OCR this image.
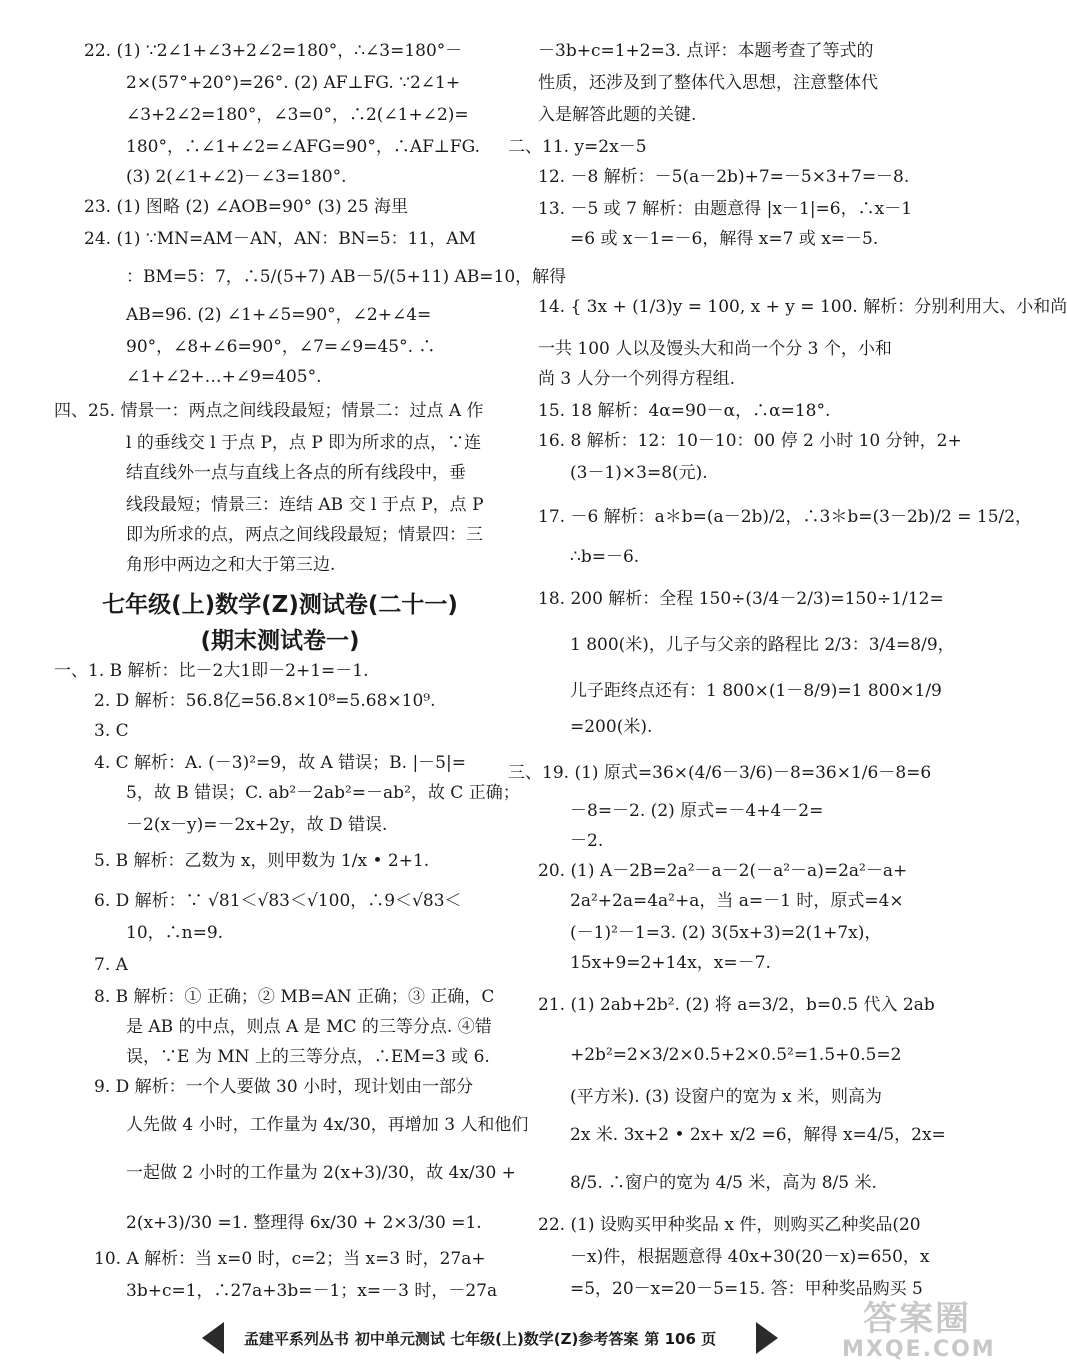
22. (1) ∵2∠1+∠3+2∠2=180°，∴∠3=180°－
2×(57°+20°)=26°. (2) AF⊥FG. ∵2∠1+
∠3+2∠2=180°，∠3=0°，∴2(∠1+∠2)=
180°，∴∠1+∠2=∠AFG=90°，∴AF⊥FG.
(3) 2(∠1+∠2)－∠3=180°.
23. (1) 图略 (2) ∠AOB=90° (3) 25 海里
24. (1) ∵MN=AM－AN，AN：BN=5：11，AM
：BM=5：7，∴5/(5+7) AB－5/(5+11) AB=10，解得
AB=96. (2) ∠1+∠5=90°，∠2+∠4=
90°，∠8+∠6=90°，∠7=∠9=45°. ∴
∠1+∠2+…+∠9=405°.
四、25. 情景一：两点之间线段最短；情景二：过点 A 作
l 的垂线交 l 于点 P，点 P 即为所求的点，∵连
结直线外一点与直线上各点的所有线段中，垂
线段最短；情景三：连结 AB 交 l 于点 P，点 P
即为所求的点，两点之间线段最短；情景四：三
角形中两边之和大于第三边.
七年级(上)数学(Z)测试卷(二十一)
(期末测试卷一)
一、1. B 解析：比－2大1即－2+1=－1.
2. D 解析：56.8亿=56.8×10⁸=5.68×10⁹.
3. C
4. C 解析：A. (－3)²=9，故 A 错误；B. |－5|=
5，故 B 错误；C. ab²－2ab²=－ab²，故 C 正确；
－2(x－y)=－2x+2y，故 D 错误.
5. B 解析：乙数为 x，则甲数为 1/x • 2+1.
6. D 解析：∵ √81＜√83＜√100，∴9＜√83＜
10，∴n=9.
7. A
8. B 解析：① 正确；② MB=AN 正确；③ 正确，C
是 AB 的中点，则点 A 是 MC 的三等分点. ④错
误，∵E 为 MN 上的三等分点，∴EM=3 或 6.
9. D 解析：一个人要做 30 小时，现计划由一部分
人先做 4 小时，工作量为 4x/30，再增加 3 人和他们
一起做 2 小时的工作量为 2(x+3)/30，故 4x/30 +
2(x+3)/30 =1. 整理得 6x/30 + 2×3/30 =1.
10. A 解析：当 x=0 时，c=2；当 x=3 时，27a+
3b+c=1，∴27a+3b=－1；x=－3 时，－27a
－3b+c=1+2=3. 点评：本题考查了等式的
性质，还涉及到了整体代入思想，注意整体代
入是解答此题的关键.
二、11. y=2x－5
12. －8 解析：－5(a－2b)+7=－5×3+7=－8.
13. －5 或 7 解析：由题意得 |x－1|=6，∴x－1
=6 或 x－1=－6，解得 x=7 或 x=－5.
14. { 3x + (1/3)y = 100, x + y = 100. 解析：分别利用大、小和尚
一共 100 人以及馒头大和尚一个分 3 个，小和
尚 3 人分一个列得方程组.
15. 18 解析：4α=90－α，∴α=18°.
16. 8 解析：12：10－10：00 停 2 小时 10 分钟，2+
(3－1)×3=8(元).
17. －6 解析：a＊b=(a－2b)/2，∴3＊b=(3－2b)/2 = 15/2，
∴b=－6.
18. 200 解析：全程 150÷(3/4－2/3)=150÷1/12=
1 800(米)，儿子与父亲的路程比 2/3：3/4=8/9，
儿子距终点还有：1 800×(1－8/9)=1 800×1/9
=200(米).
三、19. (1) 原式=36×(4/6－3/6)－8=36×1/6－8=6
－8=－2. (2) 原式=－4+4－2=
－2.
20. (1) A－2B=2a²－a－2(－a²－a)=2a²－a+
2a²+2a=4a²+a，当 a=－1 时，原式=4×
(－1)²－1=3. (2) 3(5x+3)=2(1+7x)，
15x+9=2+14x，x=－7.
21. (1) 2ab+2b². (2) 将 a=3/2，b=0.5 代入 2ab
+2b²=2×3/2×0.5+2×0.5²=1.5+0.5=2
(平方米). (3) 设窗户的宽为 x 米，则高为
2x 米. 3x+2 • 2x+ x/2 =6，解得 x=4/5，2x=
8/5. ∴窗户的宽为 4/5 米，高为 8/5 米.
22. (1) 设购买甲种奖品 x 件，则购买乙种奖品(20
－x)件，根据题意得 40x+30(20－x)=650，x
=5，20－x=20－5=15. 答：甲种奖品购买 5
孟建平系列丛书 初中单元测试 七年级(上)数学(Z)参考答案 第 106 页	答案圈
MXQE.COM
